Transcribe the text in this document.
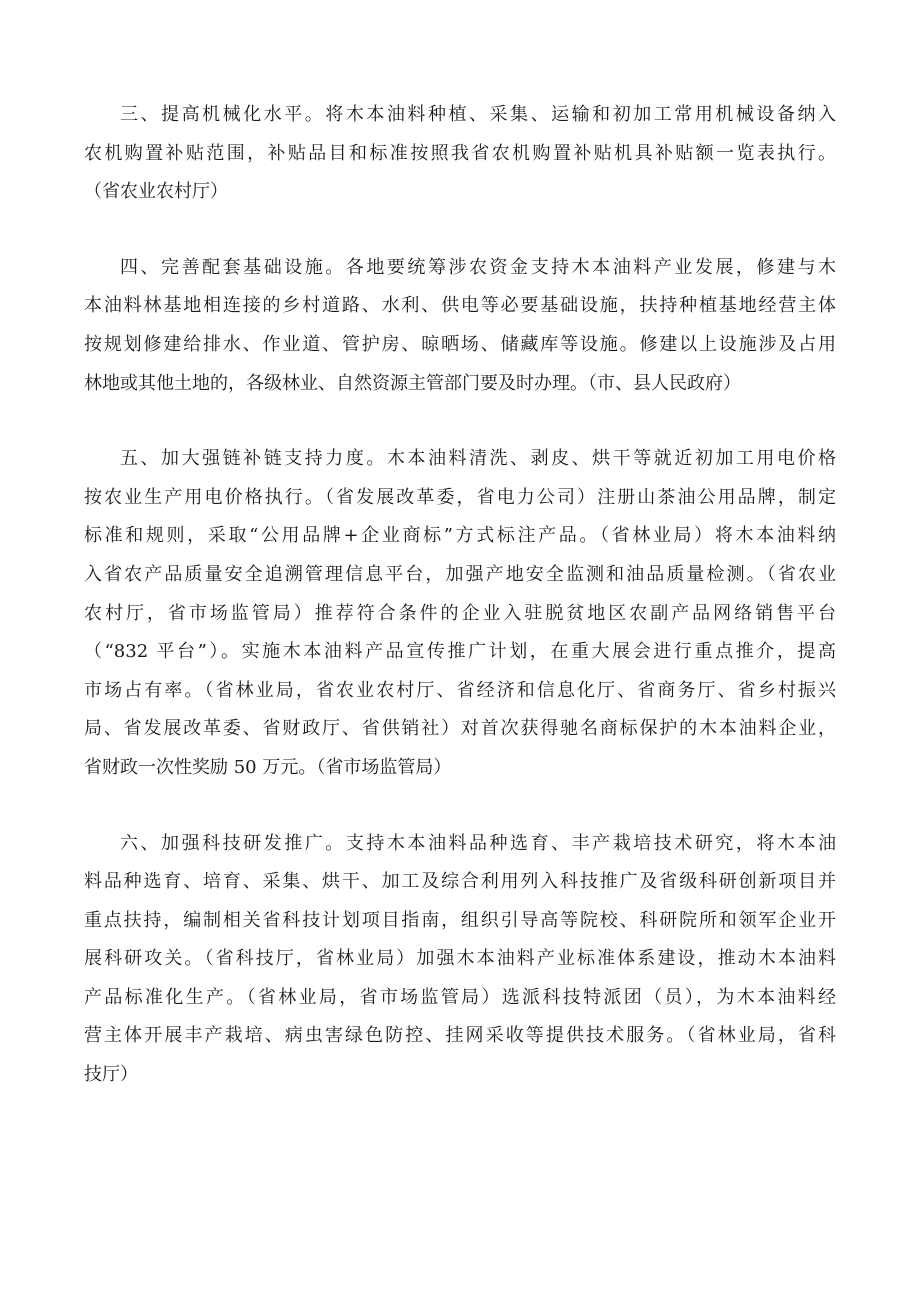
三、提高机械化水平。将木本油料种植、采集、运输和初加工常用机械设备纳入
农机购置补贴范围，补贴品目和标准按照我省农机购置补贴机具补贴额一览表执行。
（省农业农村厅）

四、完善配套基础设施。各地要统筹涉农资金支持木本油料产业发展，修建与木
本油料林基地相连接的乡村道路、水利、供电等必要基础设施，扶持种植基地经营主体
按规划修建给排水、作业道、管护房、晾晒场、储藏库等设施。修建以上设施涉及占用
林地或其他土地的，各级林业、自然资源主管部门要及时办理。（市、县人民政府）

五、加大强链补链支持力度。木本油料清洗、剥皮、烘干等就近初加工用电价格
按农业生产用电价格执行。（省发展改革委，省电力公司）注册山茶油公用品牌，制定
标准和规则，采取“公用品牌+企业商标”方式标注产品。（省林业局）将木本油料纳
入省农产品质量安全追溯管理信息平台，加强产地安全监测和油品质量检测。（省农业
农村厅，省市场监管局）推荐符合条件的企业入驻脱贫地区农副产品网络销售平台
（“832 平台”）。实施木本油料产品宣传推广计划，在重大展会进行重点推介，提高
市场占有率。（省林业局，省农业农村厅、省经济和信息化厅、省商务厅、省乡村振兴
局、省发展改革委、省财政厅、省供销社）对首次获得驰名商标保护的木本油料企业，
省财政一次性奖励 50 万元。（省市场监管局）

六、加强科技研发推广。支持木本油料品种选育、丰产栽培技术研究，将木本油
料品种选育、培育、采集、烘干、加工及综合利用列入科技推广及省级科研创新项目并
重点扶持，编制相关省科技计划项目指南，组织引导高等院校、科研院所和领军企业开
展科研攻关。（省科技厅，省林业局）加强木本油料产业标准体系建设，推动木本油料
产品标准化生产。（省林业局，省市场监管局）选派科技特派团（员），为木本油料经
营主体开展丰产栽培、病虫害绿色防控、挂网采收等提供技术服务。（省林业局，省科
技厅）
